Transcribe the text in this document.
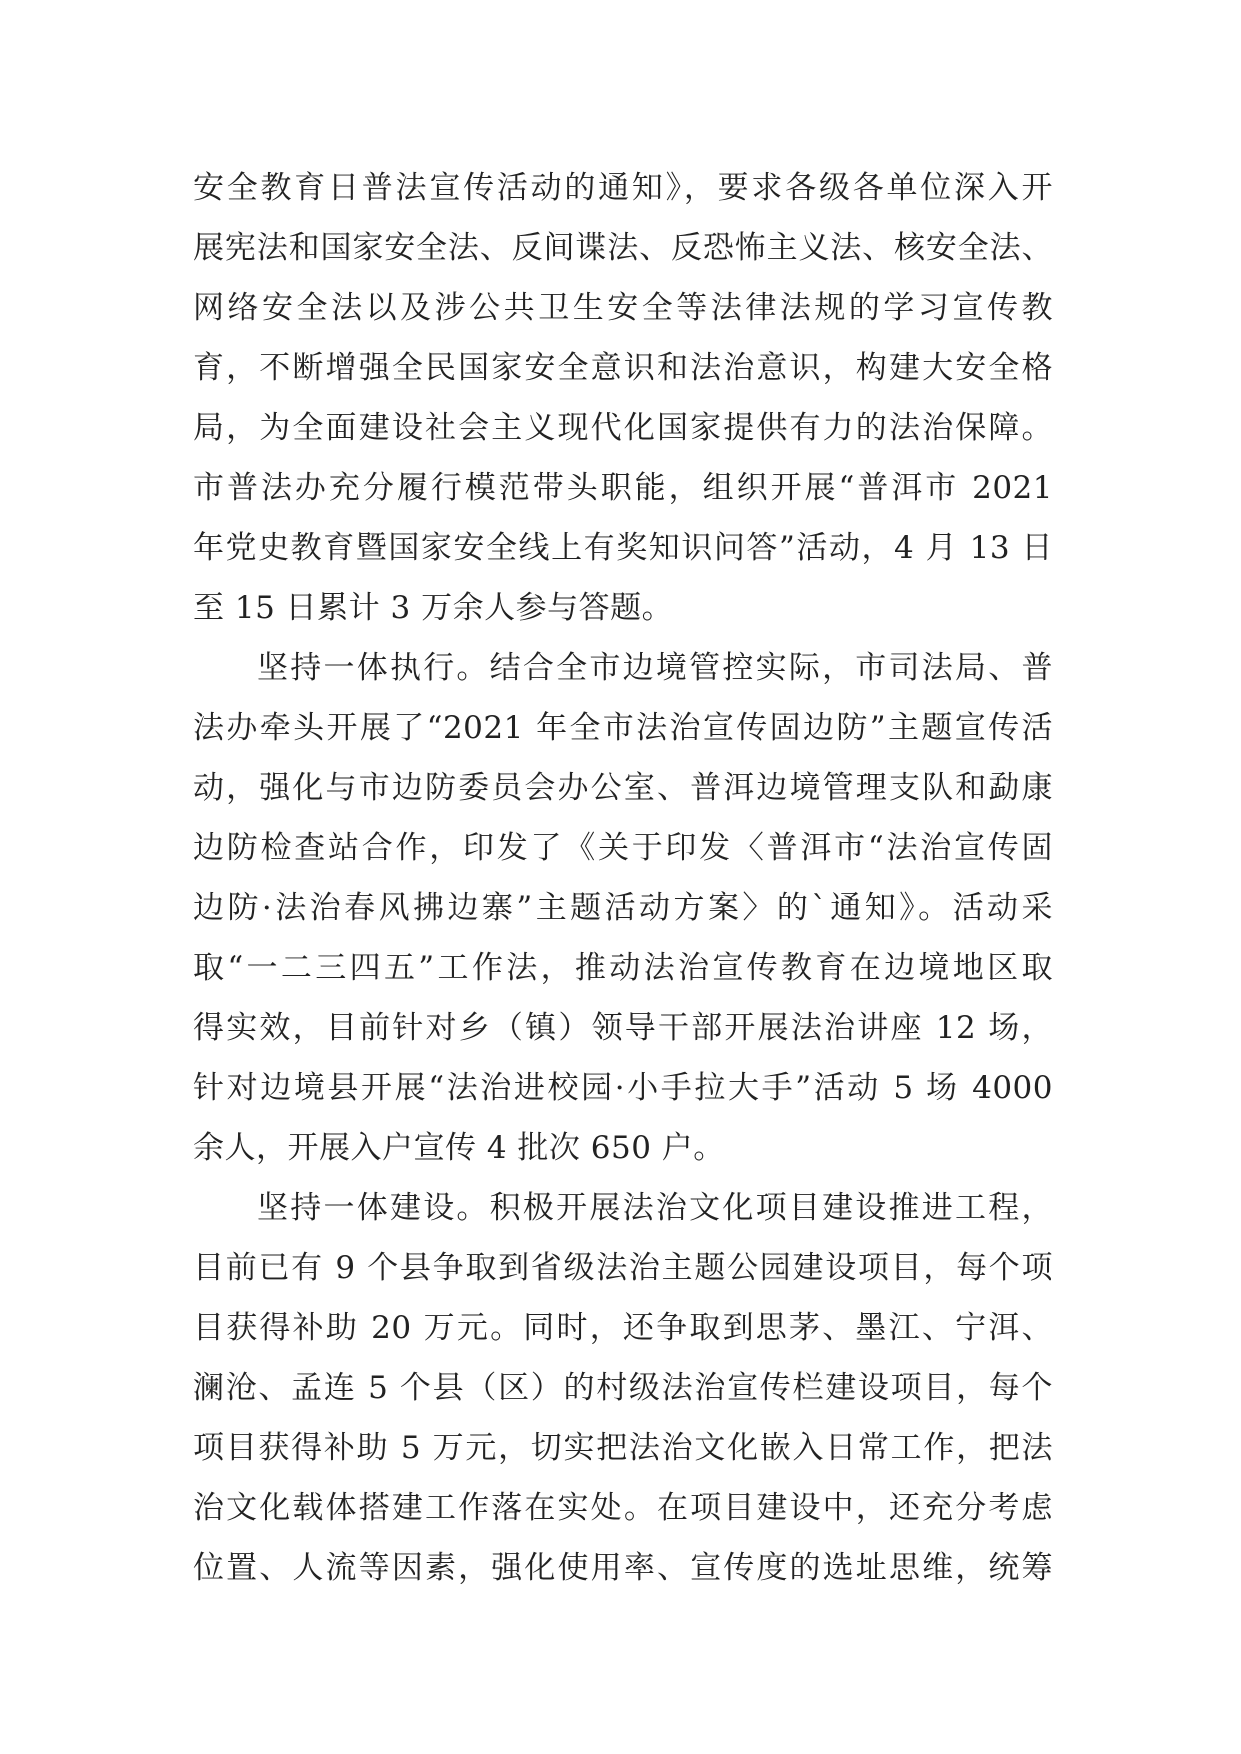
安全教育日普法宣传活动的通知》，要求各级各单位深入开
展宪法和国家安全法、反间谍法、反恐怖主义法、核安全法、
网络安全法以及涉公共卫生安全等法律法规的学习宣传教
育，不断增强全民国家安全意识和法治意识，构建大安全格
局，为全面建设社会主义现代化国家提供有力的法治保障。
市普法办充分履行模范带头职能，组织开展“普洱市 2021
年党史教育暨国家安全线上有奖知识问答”活动，4 月 13 日
至 15 日累计 3 万余人参与答题。
坚持一体执行。结合全市边境管控实际，市司法局、普
法办牵头开展了“2021 年全市法治宣传固边防”主题宣传活
动，强化与市边防委员会办公室、普洱边境管理支队和勐康
边防检查站合作，印发了《关于印发〈普洱市“法治宣传固
边防·法治春风拂边寨”主题活动方案〉的`通知》。活动采
取“一二三四五”工作法，推动法治宣传教育在边境地区取
得实效，目前针对乡（镇）领导干部开展法治讲座 12 场，
针对边境县开展“法治进校园·小手拉大手”活动 5 场 4000
余人，开展入户宣传 4 批次 650 户。
坚持一体建设。积极开展法治文化项目建设推进工程，
目前已有 9 个县争取到省级法治主题公园建设项目，每个项
目获得补助 20 万元。同时，还争取到思茅、墨江、宁洱、
澜沧、孟连 5 个县（区）的村级法治宣传栏建设项目，每个
项目获得补助 5 万元，切实把法治文化嵌入日常工作，把法
治文化载体搭建工作落在实处。在项目建设中，还充分考虑
位置、人流等因素，强化使用率、宣传度的选址思维，统筹
